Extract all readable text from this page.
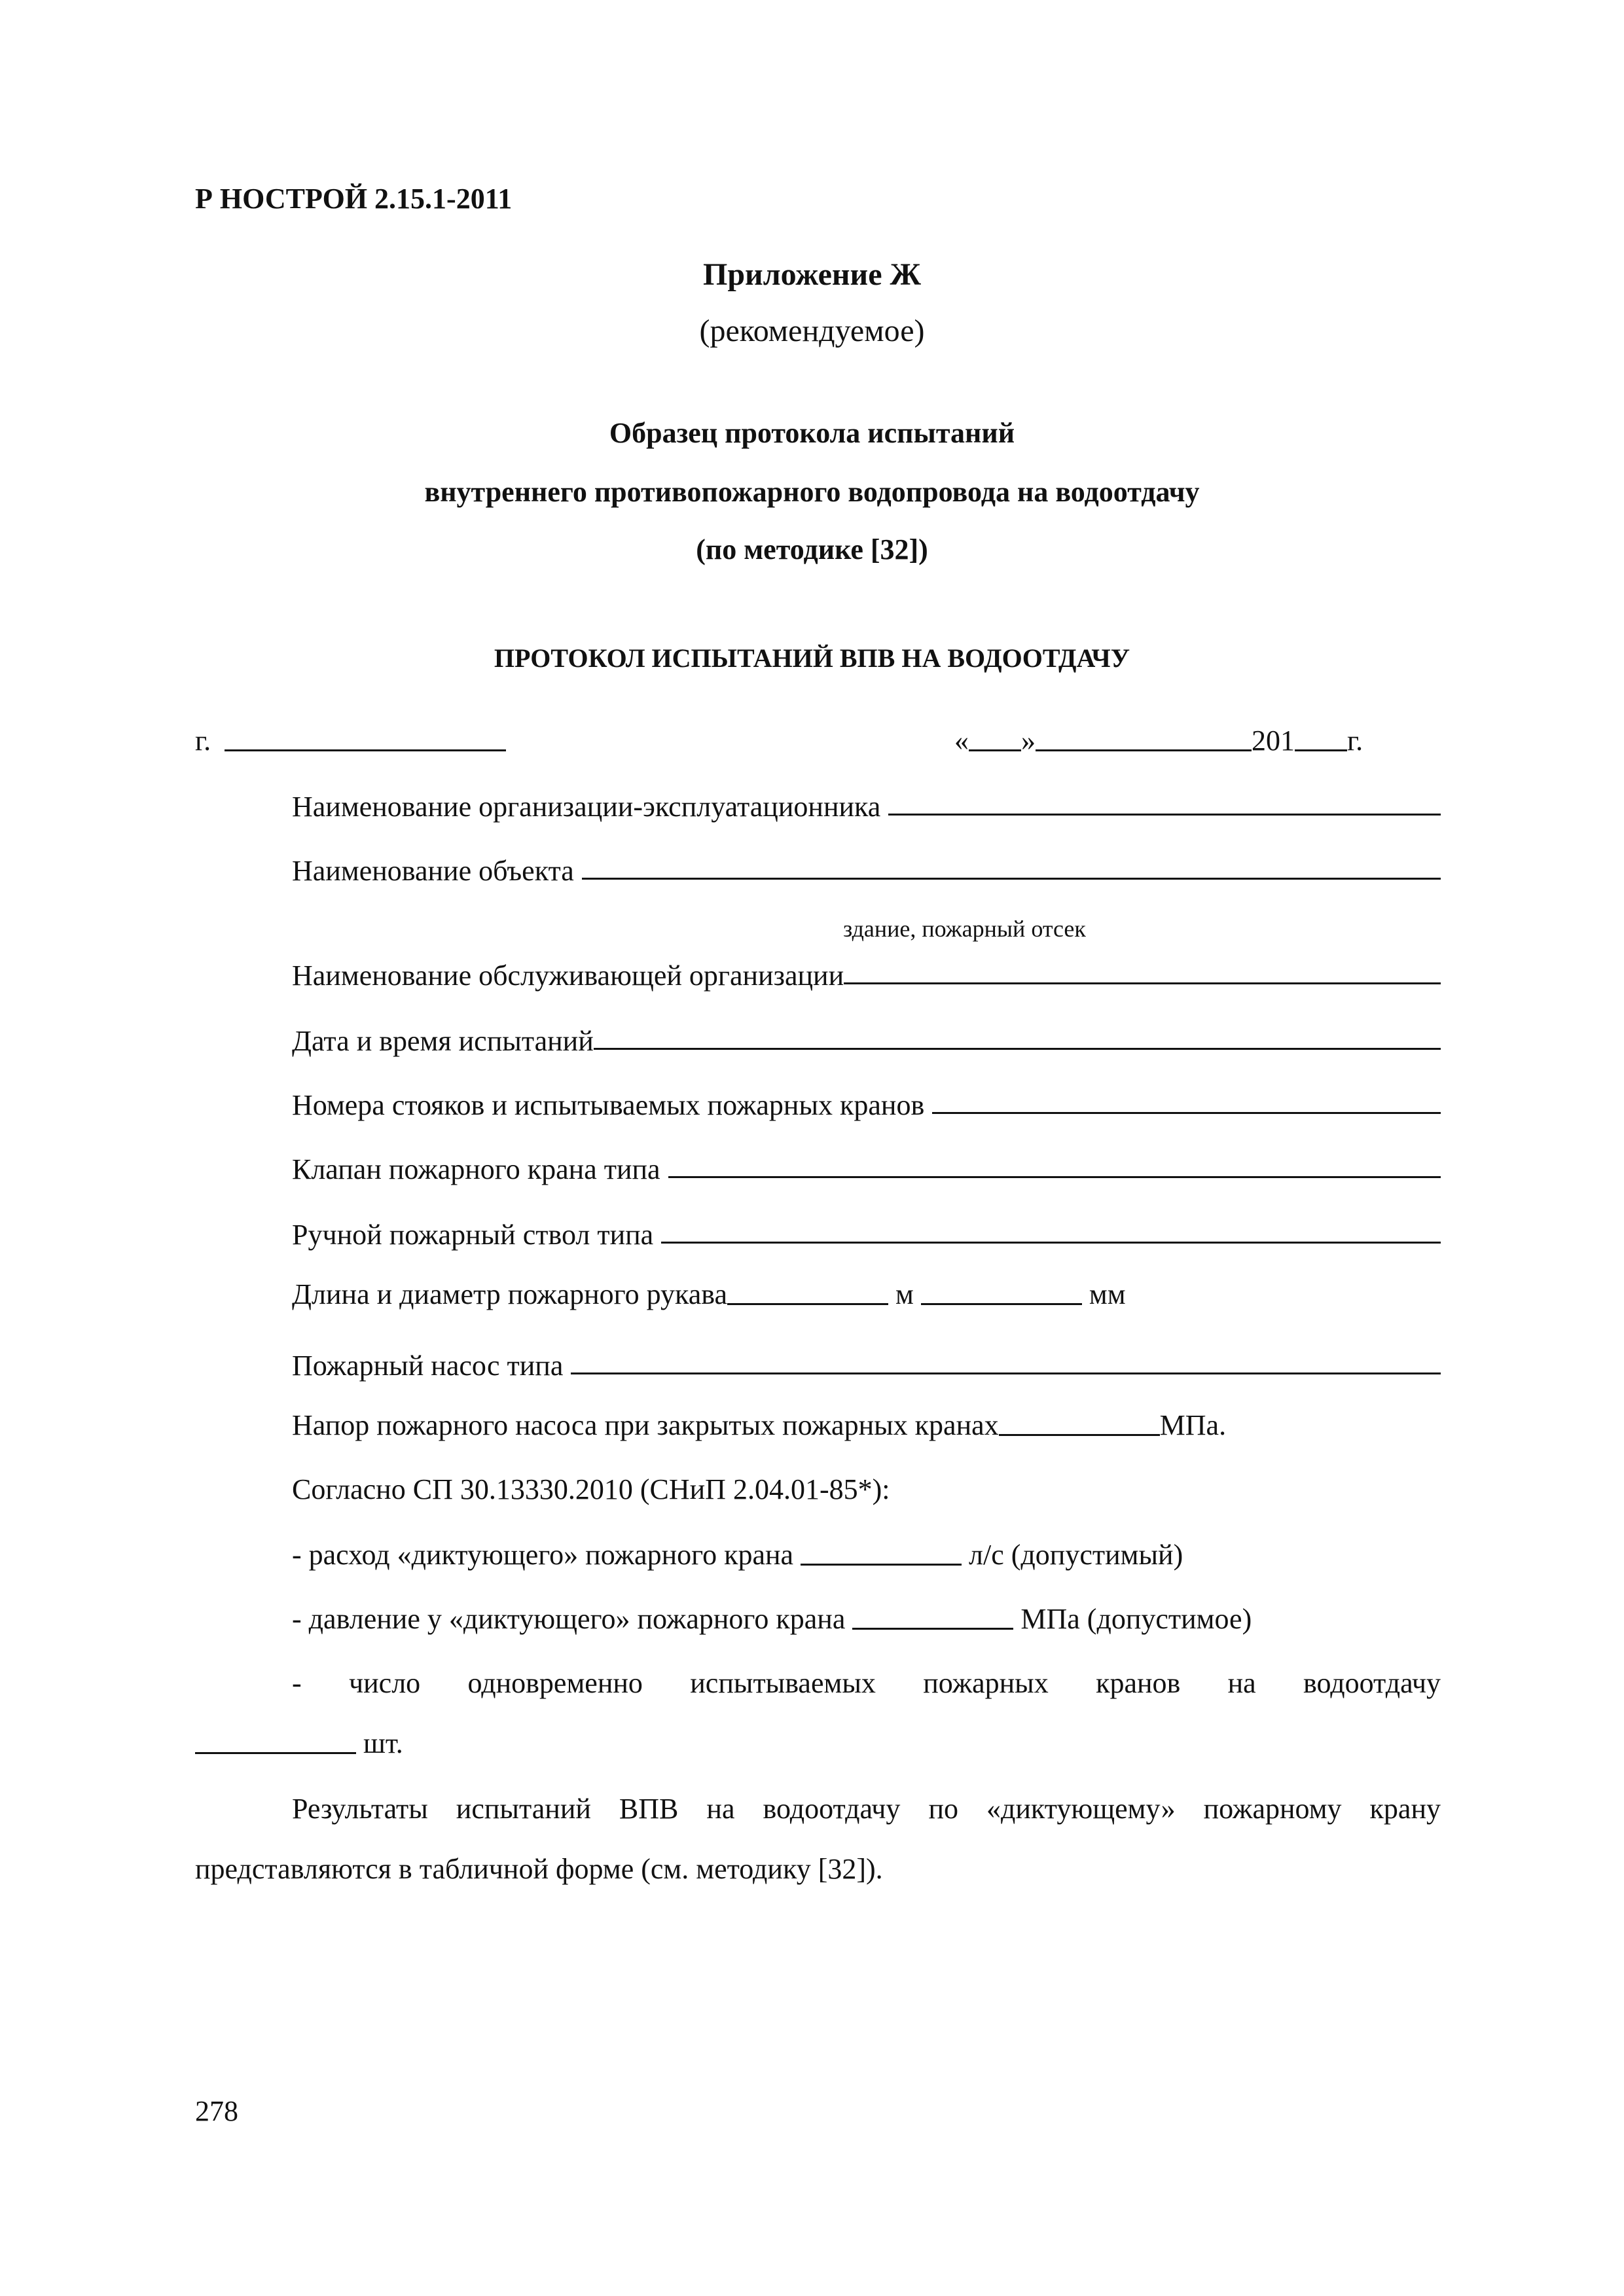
Р НОСТРОЙ 2.15.1-2011
Приложение Ж
(рекомендуемое)
Образец протокола испытаний
внутреннего противопожарного водопровода на водоотдачу
(по методике [32])
ПРОТОКОЛ ИСПЫТАНИЙ ВПВ НА ВОДООТДАЧУ
г.	« »	201 г.
Наименование организации-эксплуатационника
Наименование объекта
здание, пожарный отсек
Наименование обслуживающей организации
Дата и время испытаний
Номера стояков и испытываемых пожарных кранов
Клапан пожарного крана типа
Ручной пожарный ствол типа
Длина и диаметр пожарного рукава	м	мм
Пожарный насос типа
Напор пожарного насоса при закрытых пожарных кранах	МПа.
Согласно СП 30.13330.2010 (СНиП 2.04.01-85*):
- расход «диктующего» пожарного крана	л/с (допустимый)
- давление у «диктующего» пожарного крана	МПа (допустимое)
- число одновременно испытываемых пожарных кранов на водоотдачу
шт.
Результаты испытаний ВПВ на водоотдачу по «диктующему» пожарному крану
представляются в табличной форме (см. методику [32]).
278
